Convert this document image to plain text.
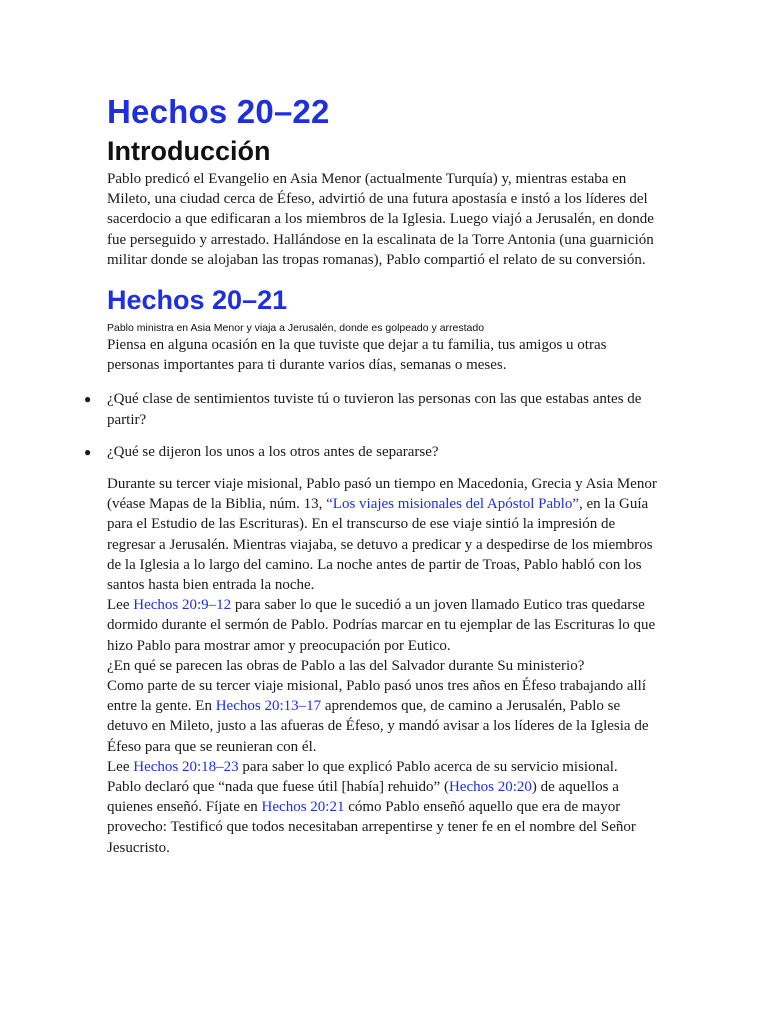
Hechos 20–22
Introducción

Pablo predicó el Evangelio en Asia Menor (actualmente Turquía) y, mientras estaba en Mileto, una ciudad cerca de Éfeso, advirtió de una futura apostasía e instó a los líderes del sacerdocio a que edificaran a los miembros de la Iglesia. Luego viajó a Jerusalén, en donde fue perseguido y arrestado. Hallándose en la escalinata de la Torre Antonia (una guarnición militar donde se alojaban las tropas romanas), Pablo compartió el relato de su conversión.

Hechos 20–21
Pablo ministra en Asia Menor y viaja a Jerusalén, donde es golpeado y arrestado

Piensa en alguna ocasión en la que tuviste que dejar a tu familia, tus amigos u otras personas importantes para ti durante varios días, semanas o meses.

● ¿Qué clase de sentimientos tuviste tú o tuvieron las personas con las que estabas antes de partir?
● ¿Qué se dijeron los unos a los otros antes de separarse?

Durante su tercer viaje misional, Pablo pasó un tiempo en Macedonia, Grecia y Asia Menor (véase Mapas de la Biblia, núm. 13, “Los viajes misionales del Apóstol Pablo”, en la Guía para el Estudio de las Escrituras). En el transcurso de ese viaje sintió la impresión de regresar a Jerusalén. Mientras viajaba, se detuvo a predicar y a despedirse de los miembros de la Iglesia a lo largo del camino. La noche antes de partir de Troas, Pablo habló con los santos hasta bien entrada la noche.

Lee Hechos 20:9–12 para saber lo que le sucedió a un joven llamado Eutico tras quedarse dormido durante el sermón de Pablo. Podrías marcar en tu ejemplar de las Escrituras lo que hizo Pablo para mostrar amor y preocupación por Eutico.

¿En qué se parecen las obras de Pablo a las del Salvador durante Su ministerio?

Como parte de su tercer viaje misional, Pablo pasó unos tres años en Éfeso trabajando allí entre la gente. En Hechos 20:13–17 aprendemos que, de camino a Jerusalén, Pablo se detuvo en Mileto, justo a las afueras de Éfeso, y mandó avisar a los líderes de la Iglesia de Éfeso para que se reunieran con él.

Lee Hechos 20:18–23 para saber lo que explicó Pablo acerca de su servicio misional.

Pablo declaró que “nada que fuese útil [había] rehuido” (Hechos 20:20) de aquellos a quienes enseñó. Fíjate en Hechos 20:21 cómo Pablo enseñó aquello que era de mayor provecho: Testificó que todos necesitaban arrepentirse y tener fe en el nombre del Señor Jesucristo.
